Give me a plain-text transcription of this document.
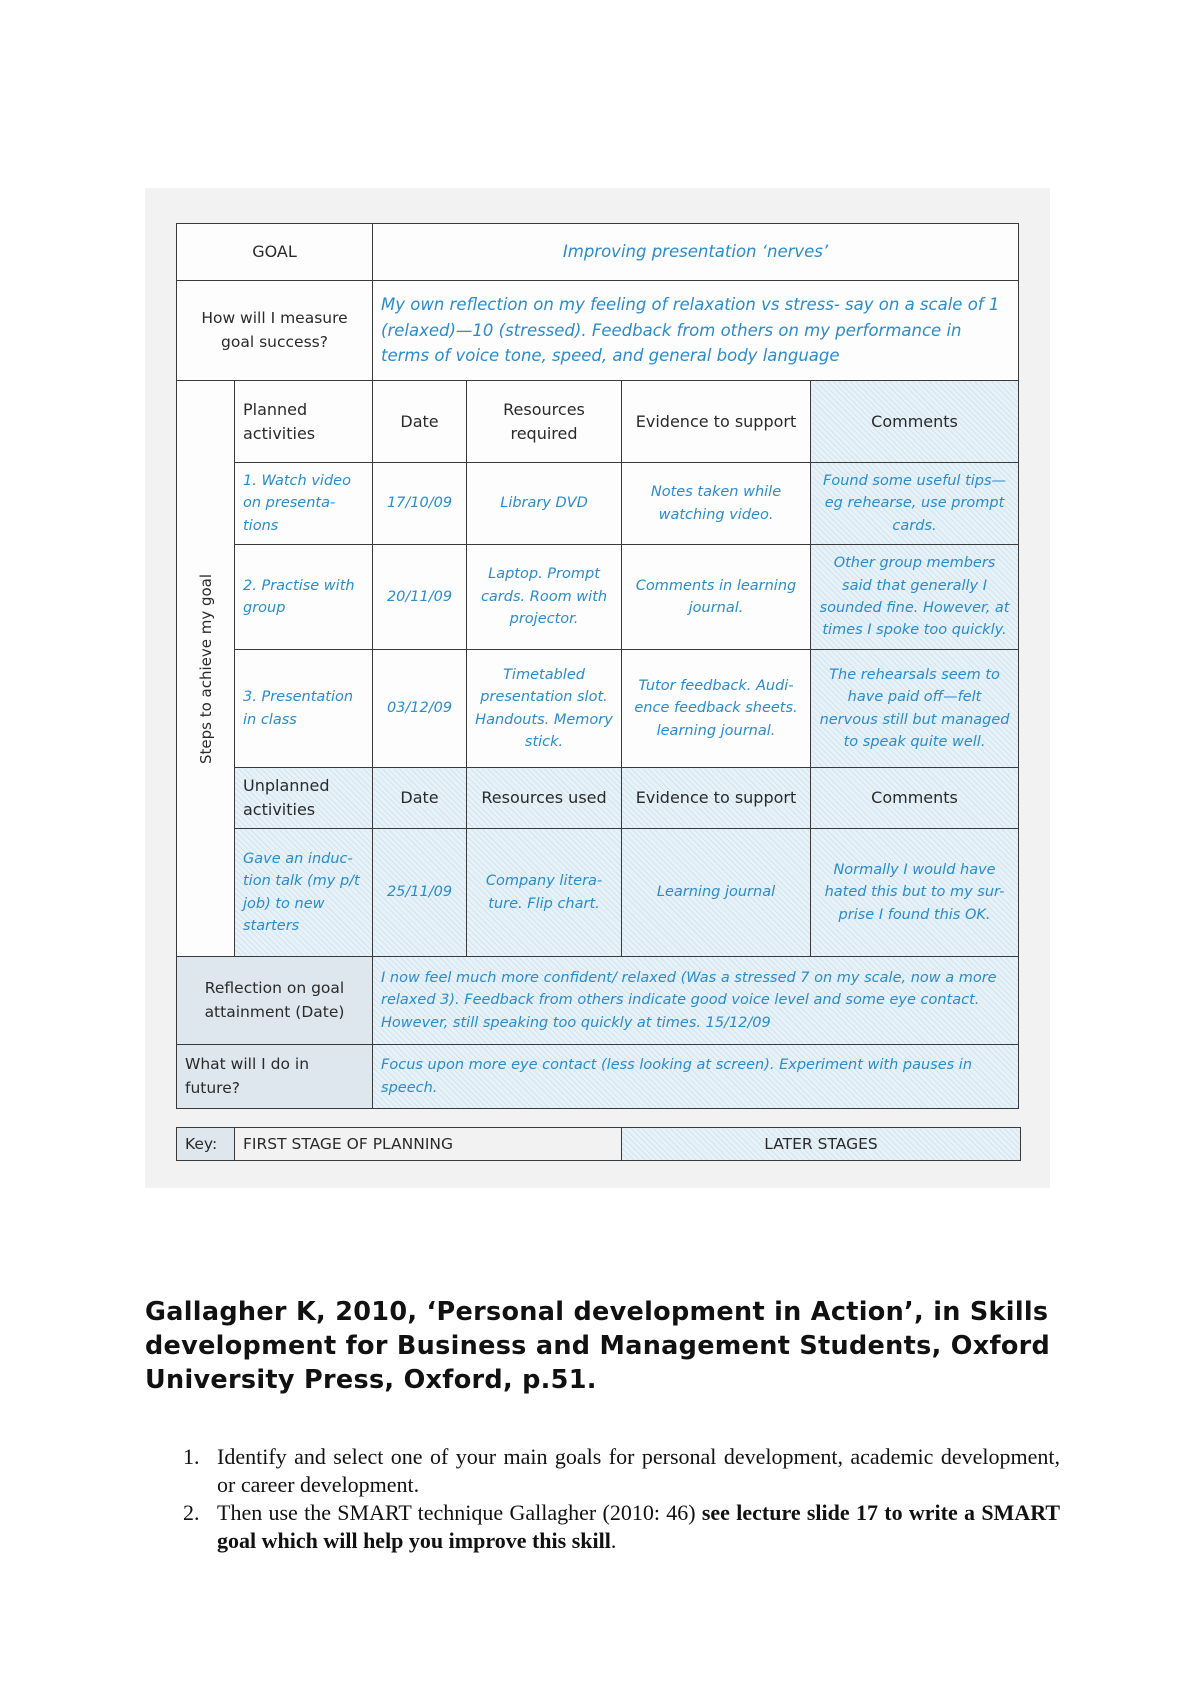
GOAL		Improving presentation ‘nerves’			
How will I measure goal success?		My own reflection on my feeling of relaxation vs stress- say on a scale of 1 (relaxed)—10 (stressed). Feedback from others on my performance in terms of voice tone, speed, and general body language			

Steps to achieve my goal	Planned activities	Date	Resources required	Evidence to support	Comments
	1. Watch video on presenta- tions	17/10/09	Library DVD	Notes taken while watching video.	Found some useful tips— eg rehearse, use prompt cards.
	2. Practise with group	20/11/09	Laptop. Prompt cards. Room with projector.	Comments in learning journal.	Other group members said that generally I sounded fine. However, at times I spoke too quickly.
	3. Presentation in class	03/12/09	Timetabled presentation slot. Handouts. Memory stick.	Tutor feedback. Audi- ence feedback sheets. learning journal.	The rehearsals seem to have paid off—felt nervous still but managed to speak quite well.
	Unplanned activities	Date	Resources used	Evidence to support	Comments
	Gave an induc- tion talk (my p/t job) to new starters	25/11/09	Company litera- ture. Flip chart.	Learning journal	Normally I would have hated this but to my sur- prise I found this OK.
Reflection on goal attainment (Date)		I now feel much more confident/ relaxed (Was a stressed 7 on my scale, now a more relaxed 3). Feedback from others indicate good voice level and some eye contact. However, still speaking too quickly at times. 15/12/09			
What will I do in future?		Focus upon more eye contact (less looking at screen). Experiment with pauses in speech.			
Key:	FIRST STAGE OF PLANNING	LATER STAGES
Gallagher K, 2010, ‘Personal development in Action’, in Skills development for Business and Management Students, Oxford University Press, Oxford, p.51.
1. Identify and select one of your main goals for personal development, academic development, or career development.
2. Then use the SMART technique Gallagher (2010: 46) see lecture slide 17 to write a SMART goal which will help you improve this skill.
